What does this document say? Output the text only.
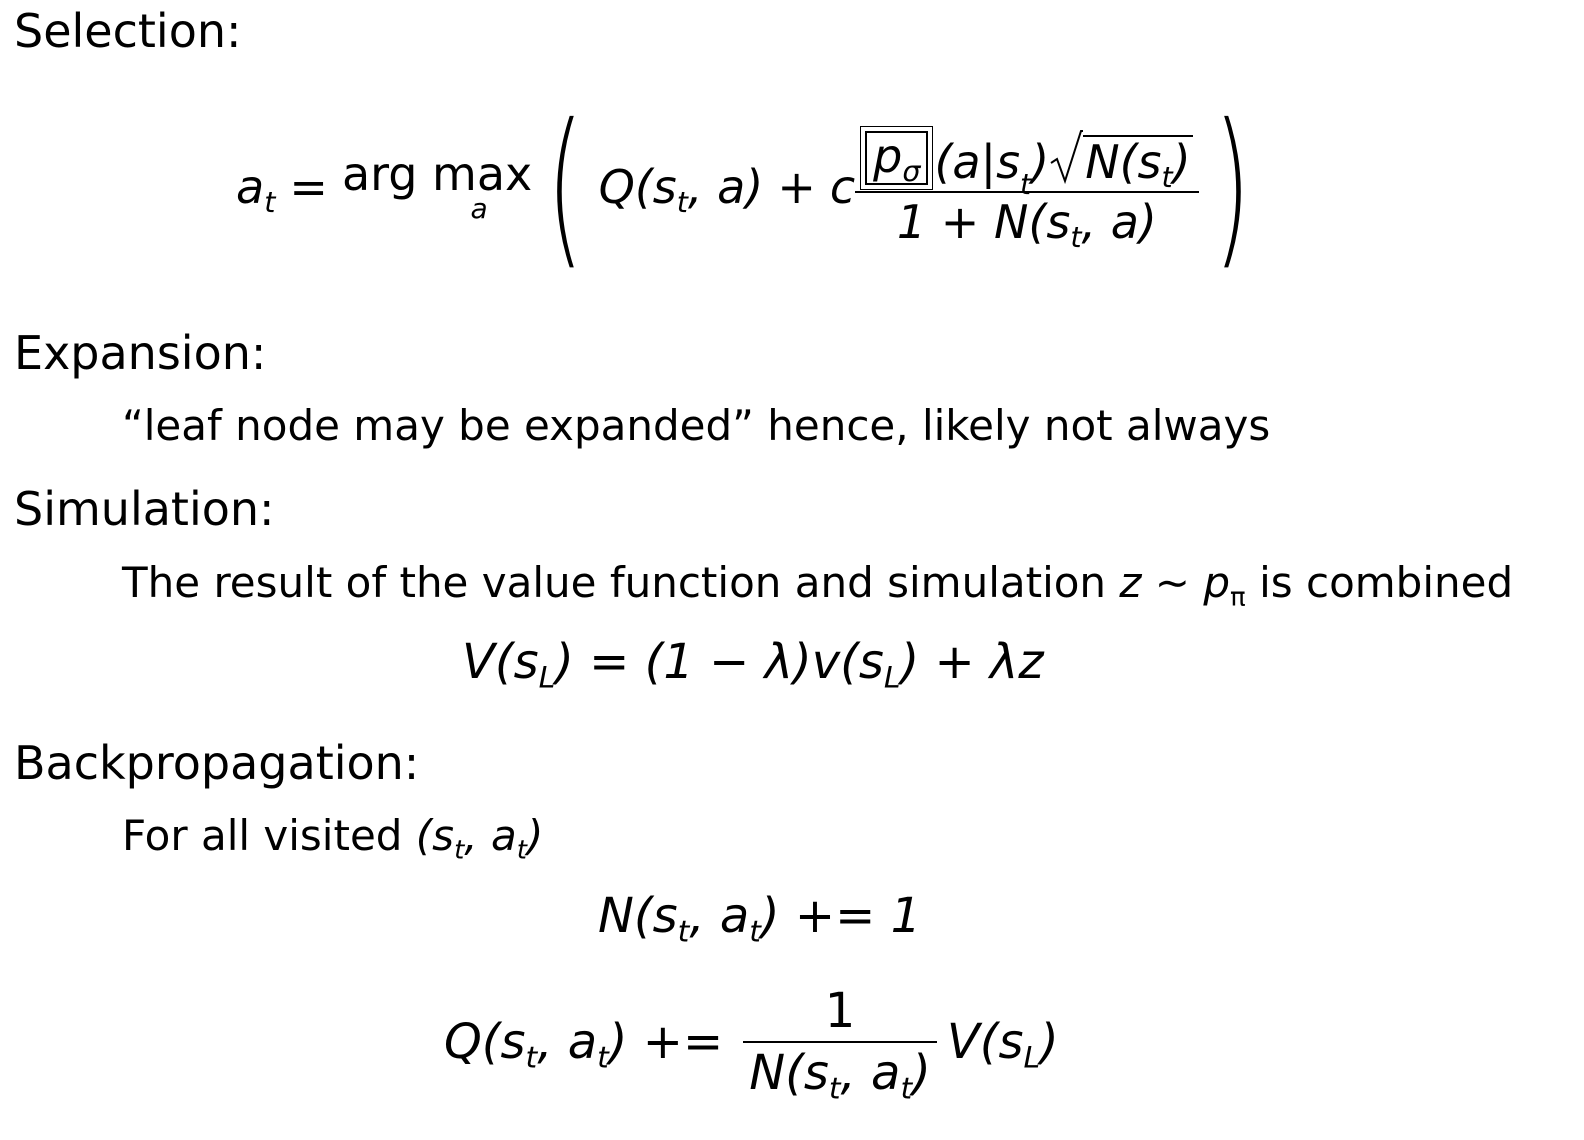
Selection:
$a_t$ = arg max
a ( $Q(s_t$, a) + c $\frac{p_\sigma (a|s t ) N(s_t)}{1 + N(s_t, a)}$ )
Expansion:
“leaf node may be expanded” hence, likely not always
Simulation:
The result of the value function and simulation z ∼ $p_\pi$ is combined
$V(s_L) = (1 - \lambda)v(s_L) + \lambda z$
Backpropagation:
For all visited ($s_t$, $a_t$)
$N(s_t$, $a_t) += 1$
$Q(s_t$, $a_t) += \frac{1}{N(s_t, a_t)} V(s_L)$
